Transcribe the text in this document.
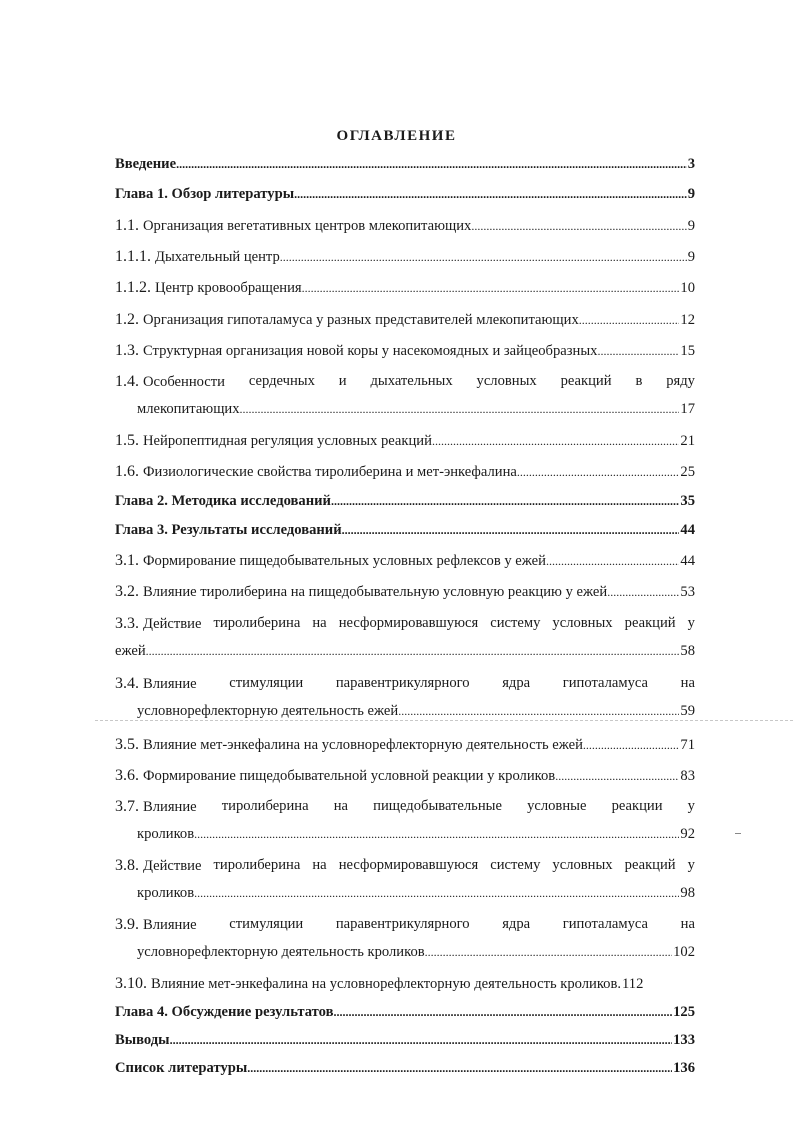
ОГЛАВЛЕНИЕ
Введение .....	3
Глава 1. Обзор литературы .....	9
1.1. Организация вегетативных центров млекопитающих .....	9
1.1.1. Дыхательный центр .....	9
1.1.2. Центр кровообращения .....	10
1.2. Организация гипоталамуса у разных представителей млекопитающих .....	12
1.3. Структурная организация новой коры у насекомоядных и зайцеобразных .....	15
1.4. Особенности сердечных и дыхательных условных реакций в ряду
млекопитающих .....	17
1.5. Нейропептидная регуляция условных реакций .....	21
1.6. Физиологические свойства тиролиберина и мет-энкефалина .....	25
Глава 2. Методика исследований .....	35
Глава 3. Результаты исследований .....	44
3.1. Формирование пищедобывательных условных рефлексов у ежей .....	44
3.2. Влияние тиролиберина на пищедобывательную условную реакцию у ежей .....	53
3.3. Действие тиролиберина на несформировавшуюся систему условных реакций у
ежей .....	58
3.4. Влияние стимуляции паравентрикулярного ядра гипоталамуса на
условнорефлекторную деятельность ежей .....	59
3.5. Влияние мет-энкефалина на условнорефлекторную деятельность ежей .....	71
3.6. Формирование пищедобывательной условной реакции у кроликов .....	83
3.7. Влияние тиролиберина на пищедобывательные условные реакции у
кроликов .....	92
3.8. Действие тиролиберина на несформировавшуюся систему условных реакций у
кроликов .....	98
3.9. Влияние стимуляции паравентрикулярного ядра гипоталамуса на
условнорефлекторную деятельность кроликов .....	102
3.10. Влияние мет-энкефалина на условнорефлекторную деятельность кроликов. 112
Глава 4. Обсуждение результатов .....	125
Выводы .....	133
Список литературы .....	136
